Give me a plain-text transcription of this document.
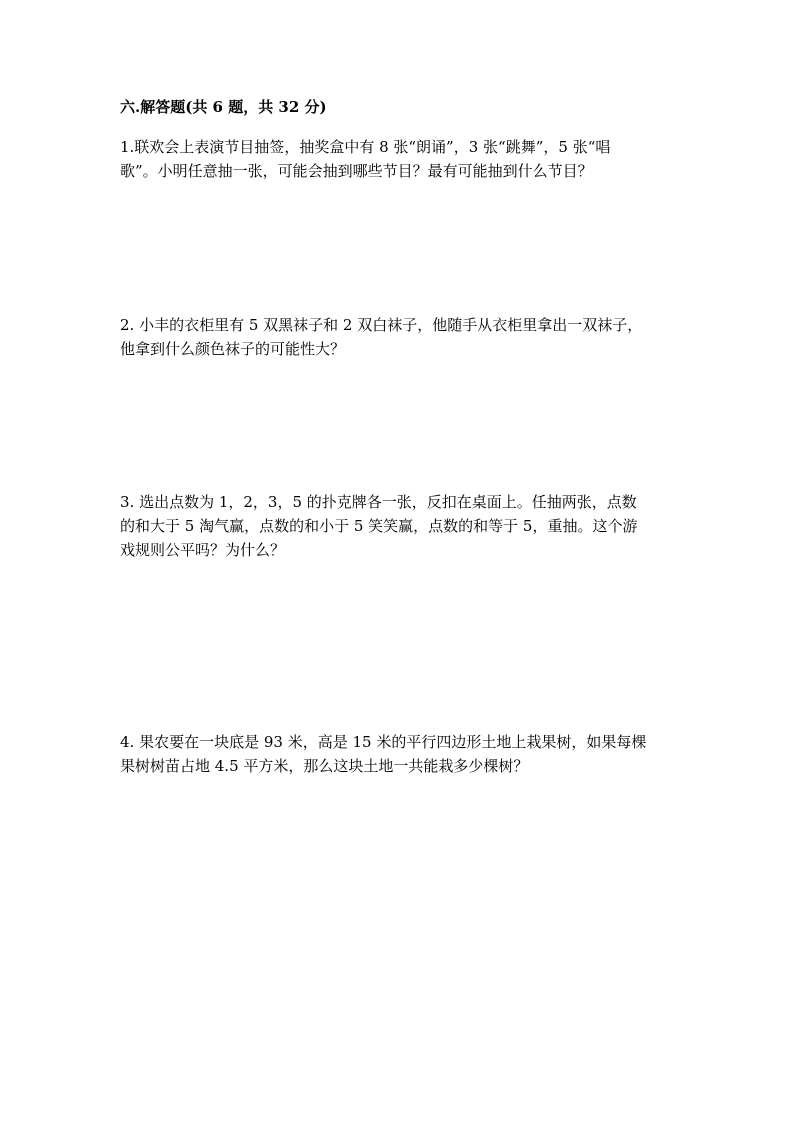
六.解答题(共 6 题，共 32 分)
1.联欢会上表演节目抽签，抽奖盒中有 8 张“朗诵”，3 张“跳舞”，5 张“唱
歌”。小明任意抽一张，可能会抽到哪些节目？最有可能抽到什么节目？
2. 小丰的衣柜里有 5 双黑袜子和 2 双白袜子，他随手从衣柜里拿出一双袜子，
他拿到什么颜色袜子的可能性大？
3. 选出点数为 1，2，3，5 的扑克牌各一张，反扣在桌面上。任抽两张，点数
的和大于 5 淘气赢，点数的和小于 5 笑笑赢，点数的和等于 5，重抽。这个游
戏规则公平吗？为什么？
4. 果农要在一块底是 93 米，高是 15 米的平行四边形土地上栽果树，如果每棵
果树树苗占地 4.5 平方米，那么这块土地一共能栽多少棵树？
